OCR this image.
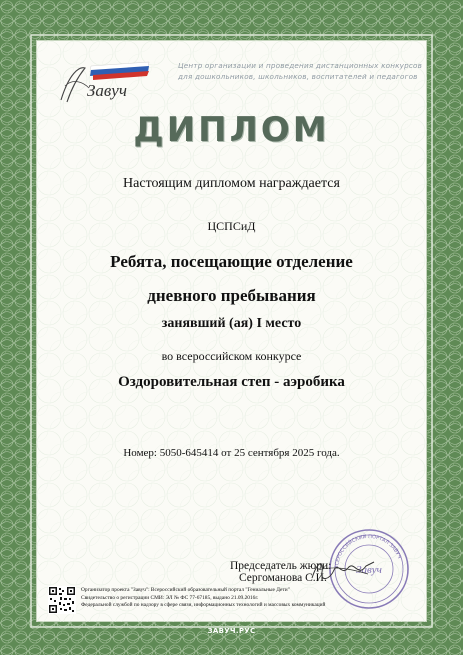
Завуч
Центр организации и проведения дистанционных конкурсов
для дошкольников, школьников, воспитателей и педагогов
ДИПЛОМ
Настоящим дипломом награждается
ЦСПСиД
Ребята, посещающие отделение
дневного пребывания
занявший (ая) I место
во всероссийском конкурсе
Оздоровительная степ - аэробика
Номер: 5050-645414 от 25 сентября 2025 года.
ВСЕРОССИЙСКИЙ ПОРТАЛ ЗАВУЧ
Завуч
Председатель жюри:
Сергоманова С.И.
Организатор проекта "Завуч": Всероссийский образовательный портал "Гениальные Дети"
Свидетельство о регистрации СМИ: ЭЛ № ФС 77-67185, выдано 21.09.2016г.
Федеральной службой по надзору в сфере связи, информационных технологий и массовых коммуникаций
ЗАВУЧ.РУС
